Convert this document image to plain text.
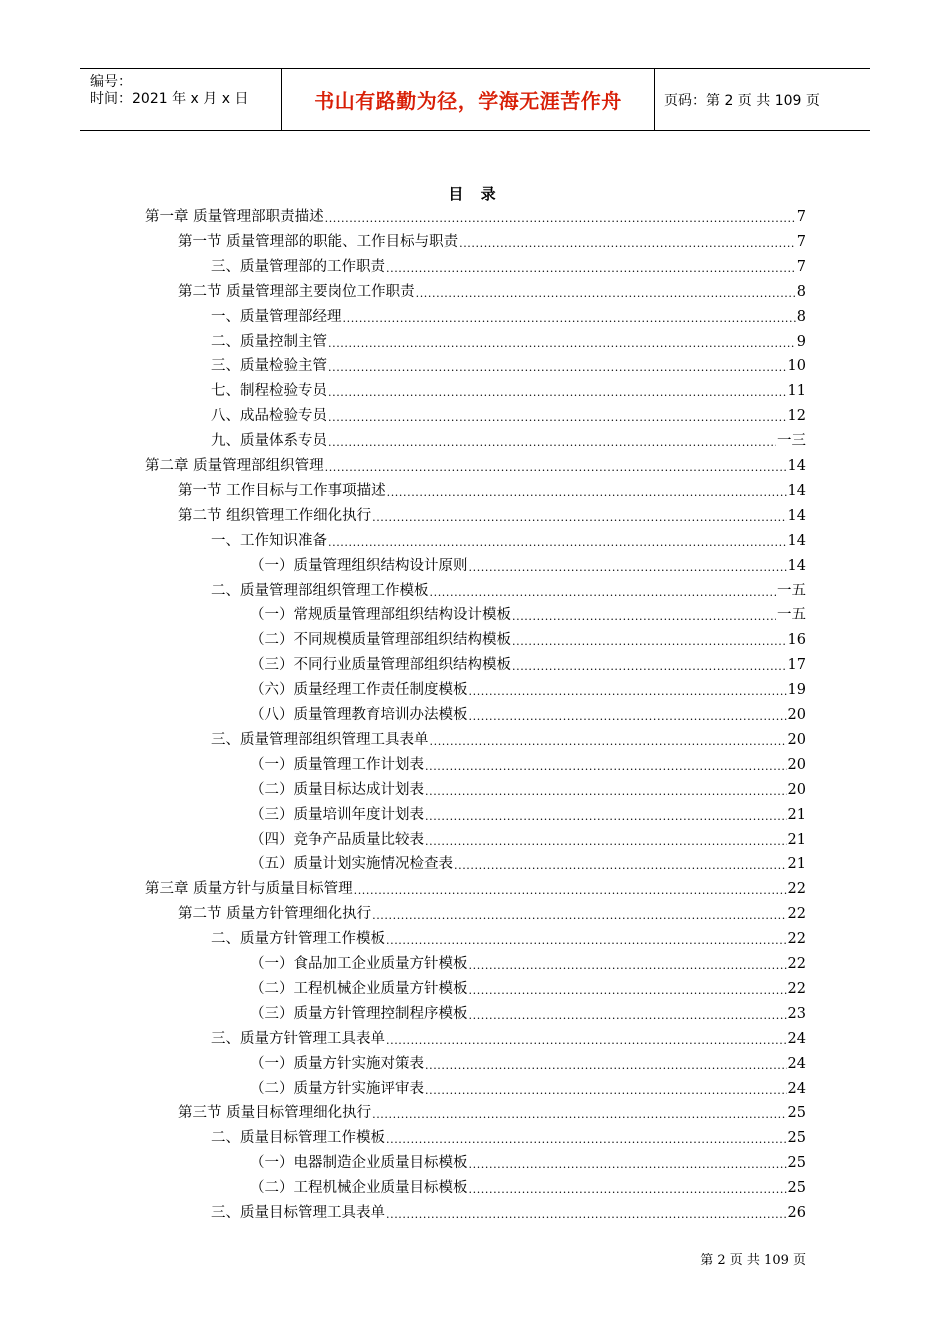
编号：
时间：2021 年 x 月 x 日	书山有路勤为径，学海无涯苦作舟	页码：第 2 页 共 109 页
目 录
第一章 质量管理部职责描述 .....	7
第一节 质量管理部的职能、工作目标与职责 .....	7
三、质量管理部的工作职责 .....	7
第二节 质量管理部主要岗位工作职责 .....	8
一、质量管理部经理 .....	8
二、质量控制主管 .....	9
三、质量检验主管 .....	10
七、制程检验专员 .....	11
八、成品检验专员 .....	12
九、质量体系专员 .....	一三
第二章 质量管理部组织管理 .....	14
第一节 工作目标与工作事项描述 .....	14
第二节 组织管理工作细化执行 .....	14
一、工作知识准备 .....	14
（一）质量管理组织结构设计原则 .....	14
二、质量管理部组织管理工作模板 .....	一五
（一）常规质量管理部组织结构设计模板 .....	一五
（二）不同规模质量管理部组织结构模板 .....	16
（三）不同行业质量管理部组织结构模板 .....	17
（六）质量经理工作责任制度模板 .....	19
（八）质量管理教育培训办法模板 .....	20
三、质量管理部组织管理工具表单 .....	20
（一）质量管理工作计划表 .....	20
（二）质量目标达成计划表 .....	20
（三）质量培训年度计划表 .....	21
（四）竞争产品质量比较表 .....	21
（五）质量计划实施情况检查表 .....	21
第三章 质量方针与质量目标管理 .....	22
第二节 质量方针管理细化执行 .....	22
二、质量方针管理工作模板 .....	22
（一）食品加工企业质量方针模板 .....	22
（二）工程机械企业质量方针模板 .....	22
（三）质量方针管理控制程序模板 .....	23
三、质量方针管理工具表单 .....	24
（一）质量方针实施对策表 .....	24
（二）质量方针实施评审表 .....	24
第三节 质量目标管理细化执行 .....	25
二、质量目标管理工作模板 .....	25
（一）电器制造企业质量目标模板 .....	25
（二）工程机械企业质量目标模板 .....	25
三、质量目标管理工具表单 .....	26
第 2 页 共 109 页
